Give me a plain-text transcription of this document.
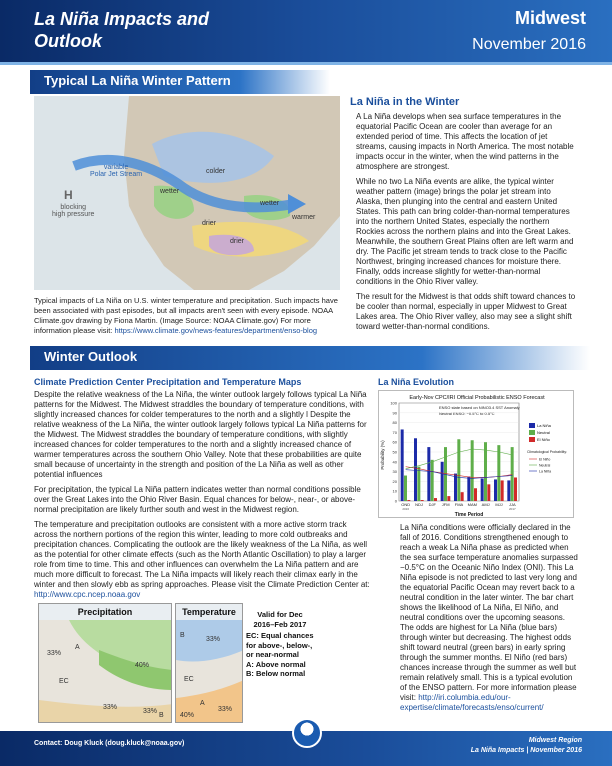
La Niña Impacts and Outlook
Midwest
November 2016
Typical La Niña Winter Pattern
variable
Polar Jet Stream
H
blocking
high pressure
colder
wetter
wetter
warmer
drier
drier
Typical impacts of La Niña on U.S. winter temperature and precipitation. Such impacts have been associated with past episodes, but all impacts aren't seen with every episode. NOAA Climate.gov drawing by Fiona Martin. (Image Source: NOAA Climate.gov) For more information please visit: https://www.climate.gov/news-features/department/enso-blog
La Niña in the Winter

A La Niña develops when sea surface temperatures in the equatorial Pacific Ocean are cooler than average for an extended period of time. This affects the location of jet streams, causing impacts in North America. The most notable impacts occur in the winter, when the wind patterns in the atmosphere are strongest.

While no two La Niña events are alike, the typical winter weather pattern (image) brings the polar jet stream into Alaska, then plunging into the central and eastern United States. This path can bring colder-than-normal temperatures into the northern United States, especially the northern Rockies across the northern plains and into the Great Lakes. Meanwhile, the southern Great Plains often are left warm and dry. The Pacific jet stream tends to track close to the Pacific Northwest, bringing increased chances for moisture there. Finally, odds increase slightly for wetter-than-normal conditions in the Ohio River valley.

The result for the Midwest is that odds shift toward chances to be cooler than normal, especially in upper Midwest to Great Lakes area. The Ohio River valley, also may see a slight shift toward wetter-than-normal conditions.

Winter Outlook
Climate Prediction Center Precipitation and Temperature Maps

Despite the relative weakness of the La Niña, the winter outlook largely follows typical La Niña patterns for the Midwest. The Midwest straddles the boundary of temperature conditions, with slightly increased chances for colder temperatures to the north and a slightly l Despite the relative weakness of the La Niña, the winter outlook largely follows typical La Niña patterns for the Midwest. The Midwest straddles the boundary of temperature conditions, with slightly increased chances for colder temperatures to the north and a slightly increased chance of warmer temperatures across the southern Ohio Valley. Note that these probabilities are quite small because of uncertainty in the strength and position of the La Niña as well as other potential influences

For precipitation, the typical La Niña pattern indicates wetter than normal conditions possible over the Great Lakes into the Ohio River Basin. Equal chances for below-, near-, or above-normal precipitation are likely further south and west in the Midwest region.

The temperature and precipitation outlooks are consistent with a more active storm track across the northern portions of the region this winter, leading to more cold outbreaks and precipitation chances. Complicating the outlook are the likely weakness of the La Niña, as well as the potential for other climate effects (such as the North Atlantic Oscillation) to play a larger role from time to time. This and other influences can overwhelm the La Niña pattern and are much more difficult to forecast. The La Niña impacts will likely reach their climax early in the winter and then slowly ebb as spring approaches. Please visit the Climate Prediction Center at: http://www.cpc.ncep.noaa.gov

Precipitation
A
EC
33%
40%
33%
33%
B
Temperature
B
33%
EC
A
33%
40%
Valid for Dec 2016–Feb 2017
EC: Equal chances for above-, below-, or near-normal
A: Above normal
B: Below normal
La Niña Evolution
Early-Nov CPC/IRI Official Probabilistic ENSO Forecast
ENSO state based on NINO3.4 SST Anomaly
Neutral ENSO: −0.5°C to 0.5°C
Probability (%)
Time Period
0
10
20
30
40
50
60
70
80
90
100
OND
2016
NDJ DJF JFM FMA MAM AMJ MJJ JJA
2017
La Niña
Neutral
El Niño
Climatological Probability:
El Niño
Neutral
La Niña

La Niña conditions were officially declared in the fall of 2016. Conditions strengthened enough to reach a weak La Niña phase as predicted when the sea surface temperature anomalies surpassed −0.5°C on the Oceanic Niño Index (ONI). This La Niña episode is not predicted to last very long and the equatorial Pacific Ocean may revert back to a neutral condition in the later winter. The bar chart shows the likelihood of La Niña, El Niño, and neutral conditions over the upcoming seasons. The odds are highest for La Niña (blue bars) through winter but decreasing. The highest odds shift toward neutral (green bars) in early spring through the summer months. El Niño (red bars) chances increase through the summer as well but remain relatively small. This is a typical evolution of the ENSO pattern. For more information please visit: http://iri.columbia.edu/our-expertise/climate/forecasts/enso/current/

Contact: Doug Kluck (doug.kluck@noaa.gov)	Midwest Region
La Niña Impacts | November 2016
